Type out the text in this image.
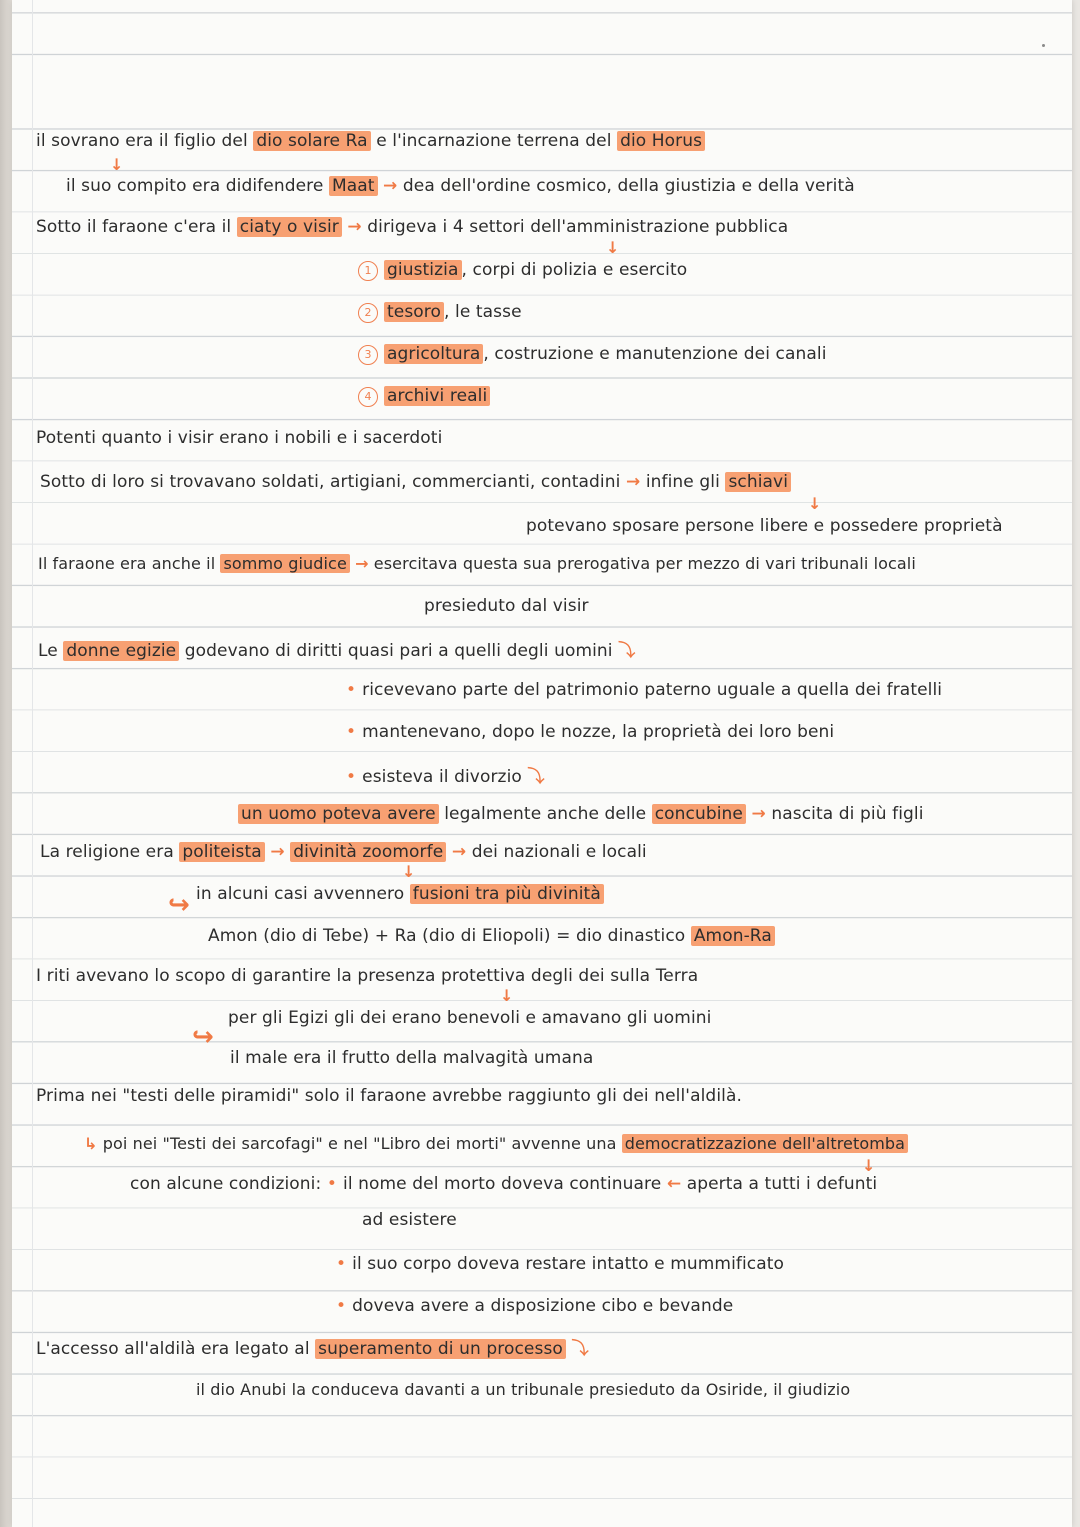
il sovrano era il figlio del dio solare Ra e l'incarnazione terrena del dio Horus
↓
il suo compito era didifendere Maat → dea dell'ordine cosmico, della giustizia e della verità
Sotto il faraone c'era il ciaty o visir → dirigeva i 4 settori dell'amministrazione pubblica
↓
1 giustizia , corpi di polizia e esercito
2 tesoro , le tasse
3 agricoltura , costruzione e manutenzione dei canali
4 archivi reali
Potenti quanto i visir erano i nobili e i sacerdoti
Sotto di loro si trovavano soldati, artigiani, commercianti, contadini → infine gli schiavi
↓
potevano sposare persone libere e possedere proprietà
Il faraone era anche il sommo giudice → esercitava questa sua prerogativa per mezzo di vari tribunali locali
presieduto dal visir
Le donne egizie godevano di diritti quasi pari a quelli degli uomini ⤵
• ricevevano parte del patrimonio paterno uguale a quella dei fratelli
• mantenevano, dopo le nozze, la proprietà dei loro beni
• esisteva il divorzio ⤵
un uomo poteva avere legalmente anche delle concubine → nascita di più figli
La religione era politeista → divinità zoomorfe → dei nazionali e locali
↓
↪ in alcuni casi avvennero fusioni tra più divinità
Amon (dio di Tebe) + Ra (dio di Eliopoli) = dio dinastico Amon-Ra
I riti avevano lo scopo di garantire la presenza protettiva degli dei sulla Terra
↓
↪
per gli Egizi gli dei erano benevoli e amavano gli uomini
il male era il frutto della malvagità umana
Prima nei "testi delle piramidi" solo il faraone avrebbe raggiunto gli dei nell'aldilà.
↳ poi nei "Testi dei sarcofagi" e nel "Libro dei morti" avvenne una democratizzazione dell'altretomba
↓
con alcune condizioni: • il nome del morto doveva continuare ← aperta a tutti i defunti
ad esistere
• il suo corpo doveva restare intatto e mummificato
• doveva avere a disposizione cibo e bevande
L'accesso all'aldilà era legato al superamento di un processo ⤵
il dio Anubi la conduceva davanti a un tribunale presieduto da Osiride, il giudizio
